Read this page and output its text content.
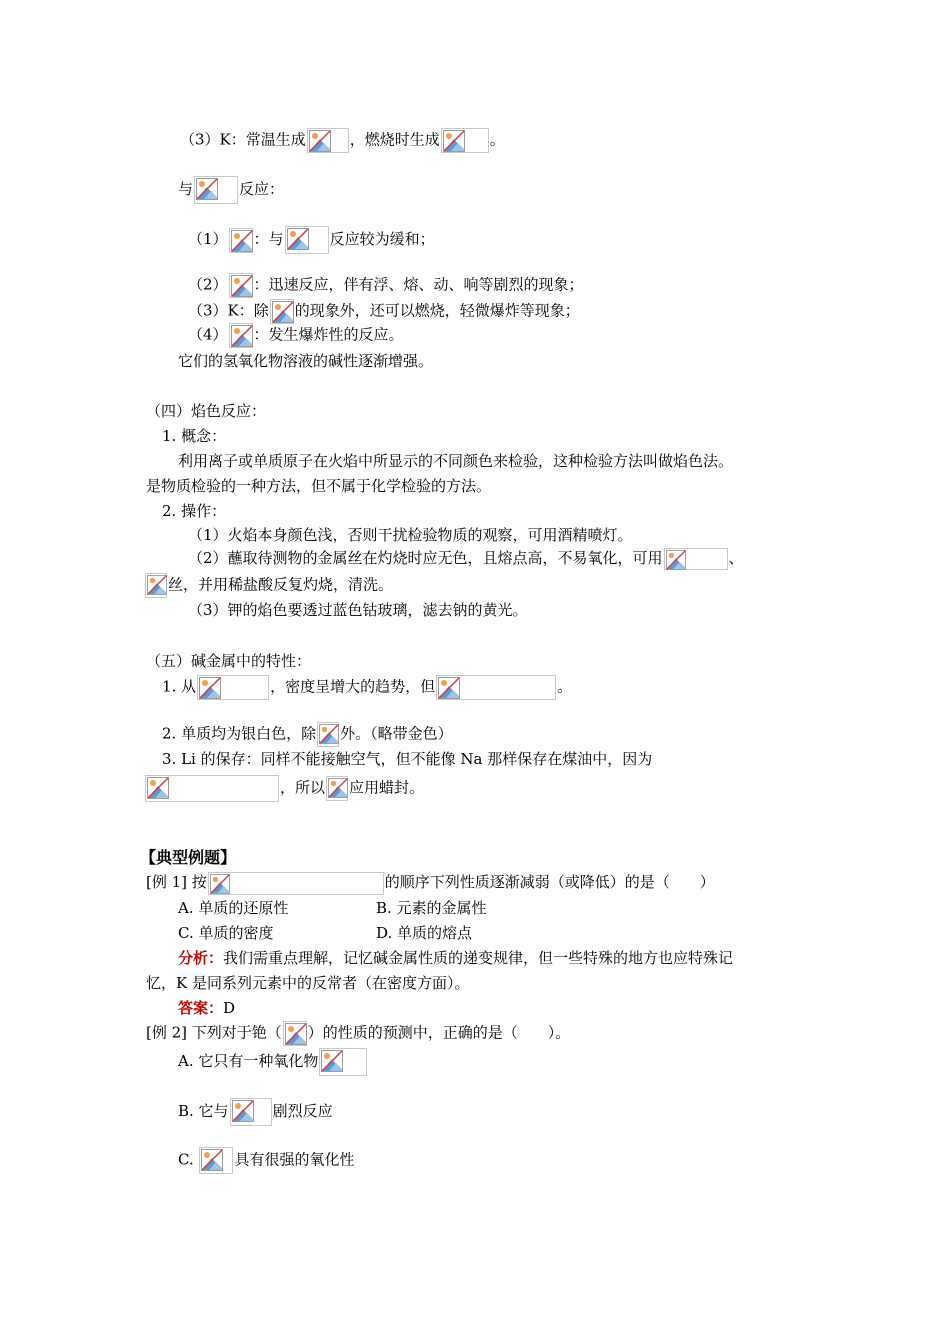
（3）K：常温生成	，燃烧时生成	。
与	反应：
（1） ：与	反应较为缓和；
（2） ：迅速反应，伴有浮、熔、动、响等剧烈的现象；
（3）K：除 的现象外，还可以燃烧，轻微爆炸等现象；
（4） ：发生爆炸性的反应。
它们的氢氧化物溶液的碱性逐渐增强。
（四）焰色反应：
1. 概念：
利用离子或单质原子在火焰中所显示的不同颜色来检验，这种检验方法叫做焰色法。
是物质检验的一种方法，但不属于化学检验的方法。
2. 操作：
（1）火焰本身颜色浅，否则干扰检验物质的观察，可用酒精喷灯。
（2）蘸取待测物的金属丝在灼烧时应无色，且熔点高，不易氧化，可用	、
丝，并用稀盐酸反复灼烧，清洗。
（3）钾的焰色要透过蓝色钴玻璃，滤去钠的黄光。
（五）碱金属中的特性：
1. 从	，密度呈增大的趋势，但	。
2. 单质均为银白色，除 外。（略带金色）
3. Li 的保存：同样不能接触空气，但不能像 Na 那样保存在煤油中，因为
，所以 应用蜡封。
【典型例题】
[例 1] 按	的顺序下列性质逐渐减弱（或降低）的是（　　）
A. 单质的还原性	B. 元素的金属性
C. 单质的密度	D. 单质的熔点
分析：我们需重点理解，记忆碱金属性质的递变规律，但一些特殊的地方也应特殊记
忆，K 是同系列元素中的反常者（在密度方面）。
答案：D
[例 2] 下列对于铯（ ）的性质的预测中，正确的是（　　）。
A. 它只有一种氧化物
B. 它与	剧烈反应
C.
具有很强的氧化性
